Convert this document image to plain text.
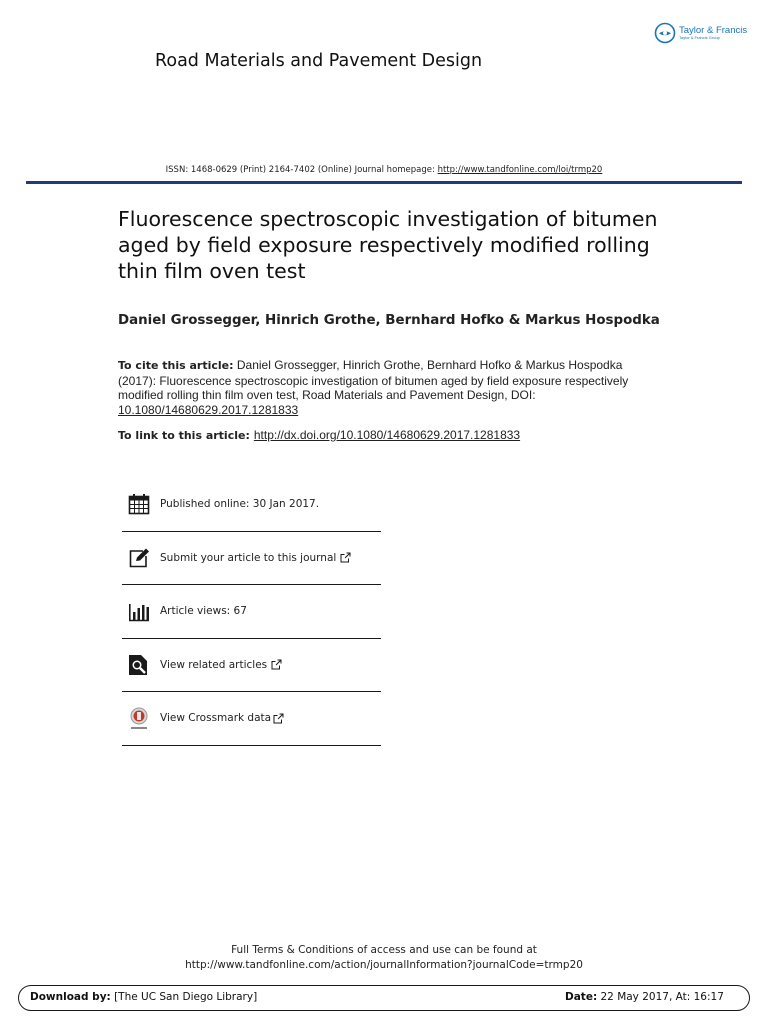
Taylor & Francis
Taylor & Francis Group
Road Materials and Pavement Design
ISSN: 1468-0629 (Print) 2164-7402 (Online) Journal homepage: http://www.tandfonline.com/loi/trmp20
Fluorescence spectroscopic investigation of bitumen aged by field exposure respectively modified rolling thin film oven test
Daniel Grossegger, Hinrich Grothe, Bernhard Hofko & Markus Hospodka
To cite this article: Daniel Grossegger, Hinrich Grothe, Bernhard Hofko & Markus Hospodka (2017): Fluorescence spectroscopic investigation of bitumen aged by field exposure respectively modified rolling thin film oven test, Road Materials and Pavement Design, DOI: 10.1080/14680629.2017.1281833
To link to this article: http://dx.doi.org/10.1080/14680629.2017.1281833
Published online: 30 Jan 2017.
Submit your article to this journal
Article views: 67
View related articles
View Crossmark data
Full Terms & Conditions of access and use can be found at
http://www.tandfonline.com/action/journalInformation?journalCode=trmp20
Download by: [The UC San Diego Library]	Date: 22 May 2017, At: 16:17
